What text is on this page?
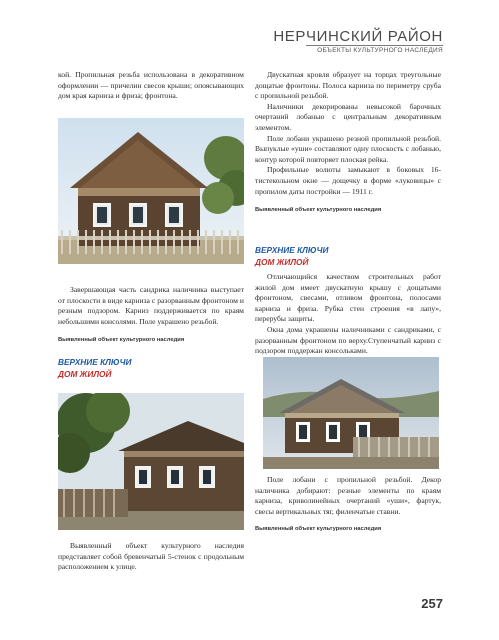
НЕРЧИНСКИЙ РАЙОН
ОБЪЕКТЫ КУЛЬТУРНОГО НАСЛЕДИЯ

кой. Пропильная резьба использована в декоративном оформлении — причелин свесов крыши; опоясывающих дом края карниза и фриза; фронтона.

Завершающая часть сандрика наличника выступает от плоскости в виде карниза с разорванным фронтоном и резным подзором. Карниз поддерживается по краям небольшими консолями. Поле украшено резьбой.

Выявленный объект культурного наследия
ВЕРХНИЕ КЛЮЧИ
ДОМ ЖИЛОЙ

Выявленный объект культурного наследия представляет собой бревенчатый 5-стенок с продольным расположением к улице.

Двускатная кровля образует на торцах треугольные дощатые фронтоны. Полоса карниза по периметру сруба с пропильной резьбой.

Наличники декорированы невысокой барочных очертаний лобанью с центральным декоративным элементом.

Поле лобани украшено резной пропильной резьбой. Выпуклые «уши» составляют одну плоскость с лобанью, контур которой повторяет плоская рейка.

Профильные волюты замыкают в боковых 16-тистекольном окне — дощечку в форме «луковицы» с пропилом даты постройки — 1911 г.

Выявленный объект культурного наследия
ВЕРХНИЕ КЛЮЧИ
ДОМ ЖИЛОЙ

Отличающийся качеством строительных работ жилой дом имеет двускатную крышу с дощатыми фронтоном, свесами, отливом фронтона, полосами карниза и фриза. Рубка стен строения «в лапу», перерубы защиты.

Окна дома украшены наличниками с сандриками, с разорванным фронтоном по верху.Ступенчатый карниз с подзором поддержан консольками.

Поле лобани с пропильной резьбой. Декор наличника добирают: резные элементы по краям карниза, криволинейных очертаний «уши», фартук, свесы вертикальных тяг, филенчатые ставни.

Выявленный объект культурного наследия
257
